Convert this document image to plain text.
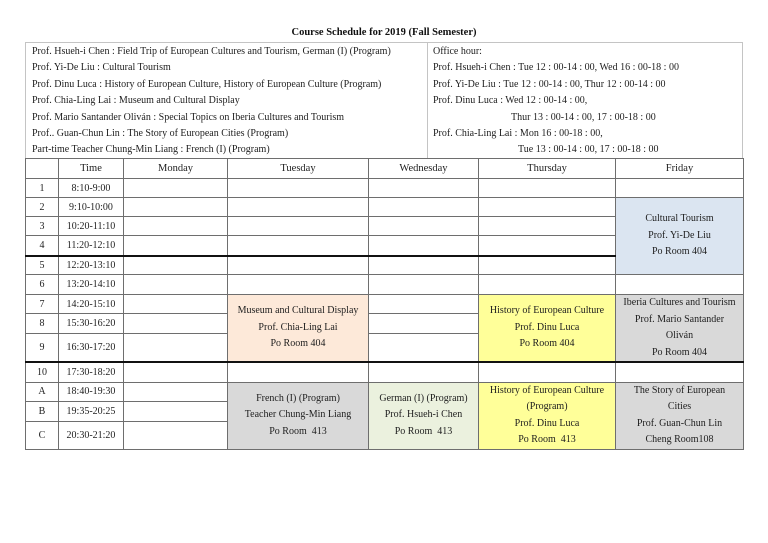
Course Schedule for 2019 (Fall Semester)
Prof. Hsueh-i Chen : Field Trip of European Cultures and Tourism, German (I) (Program)
Prof. Yi-De Liu : Cultural Tourism
Prof. Dinu Luca : History of European Culture, History of European Culture (Program)
Prof. Chia-Ling Lai : Museum and Cultural Display
Prof. Mario Santander Oliván : Special Topics on Iberia Cultures and Tourism
Prof.. Guan-Chun Lin : The Story of European Cities (Program)
Part-time Teacher Chung-Min Liang : French (I) (Program)
Office hour:
Prof. Hsueh-i Chen : Tue 12 : 00-14 : 00, Wed 16 : 00-18 : 00
Prof. Yi-De Liu : Tue 12 : 00-14 : 00, Thur 12 : 00-14 : 00
Prof. Dinu Luca : Wed 12 : 00-14 : 00,
Thur 13 : 00-14 : 00, 17 : 00-18 : 00
Prof. Chia-Ling Lai : Mon 16 : 00-18 : 00,
Tue 13 : 00-14 : 00, 17 : 00-18 : 00
	Time	Monday	Tuesday	Wednesday	Thursday	Friday
1	8:10-9:00					
2	9:10-10:00					Cultural Tourism
Prof. Yi-De Liu
Po Room 404

3	10:20-11:10					
4	11:20-12:10					
5	12:20-13:10					
6	13:20-14:10					
7	14:20-15:10		Museum and Cultural Display
Prof. Chia-Ling Lai
Po Room 404		History of European Culture
Prof. Dinu Luca
Po Room 404	Iberia Cultures and Tourism
Prof. Mario Santander
Oliván
Po Room 404

8	15:30-16:20					
9	16:30-17:20					
10	17:30-18:20					
A	18:40-19:30		French (I) (Program)
Teacher Chung-Min Liang
Po Room  413	German (I) (Program)
Prof. Hsueh-i Chen
Po Room  413	History of European Culture
(Program)
Prof. Dinu Luca
Po Room  413	The Story of European
Cities
Prof. Guan-Chun Lin
Cheng Room108

B	19:35-20:25					
C	20:30-21:20					
